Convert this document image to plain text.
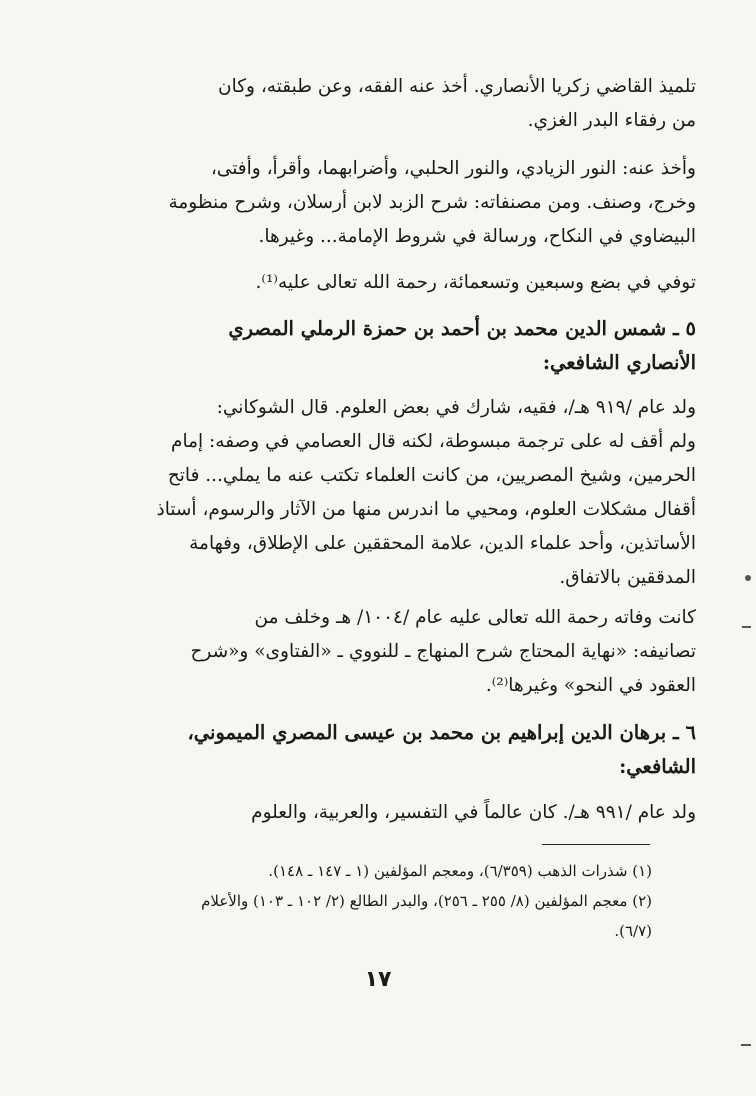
تلميذ القاضي زكريا الأنصاري. أخذ عنه الفقه، وعن طبقته، وكان

من رفقاء البدر الغزي.

وأخذ عنه: النور الزيادي، والنور الحلبي، وأضرابهما، وأقرأ، وأفتى،

وخرج، وصنف. ومن مصنفاته: شرح الزبد لابن أرسلان، وشرح منظومة

البيضاوي في النكاح، ورسالة في شروط الإمامة... وغيرها.

توفي في بضع وسبعين وتسعمائة، رحمة الله تعالى عليه⁽¹⁾.

٥ ـ شمس الدين محمد بن أحمد بن حمزة الرملي المصري

الأنصاري الشافعي:

ولد عام /٩١٩ هـ/، فقيه، شارك في بعض العلوم. قال الشوكاني:

ولم أقف له على ترجمة مبسوطة، لكنه قال العصامي في وصفه: إمام

الحرمين، وشيخ المصريين، من كانت العلماء تكتب عنه ما يملي... فاتح

أقفال مشكلات العلوم، ومحيي ما اندرس منها من الآثار والرسوم، أستاذ

الأساتذين، وأحد علماء الدين، علامة المحققين على الإطلاق، وفهامة

المدققين بالاتفاق.

كانت وفاته رحمة الله تعالى عليه عام /١٠٠٤/ هـ وخلف من

تصانيفه: «نهاية المحتاج شرح المنهاج ـ للنووي ـ «الفتاوى» و«شرح

العقود في النحو» وغيرها⁽²⁾.

٦ ـ برهان الدين إبراهيم بن محمد بن عيسى المصري الميموني،

الشافعي:

ولد عام /٩٩١ هـ/. كان عالماً في التفسير، والعربية، والعلوم

(١) شذرات الذهب (٦/٣٥٩)، ومعجم المؤلفين (١ ـ ١٤٧ ـ ١٤٨).

(٢) معجم المؤلفين (٨/ ٢٥٥ ـ ٢٥٦)، والبدر الطالع (٢/ ١٠٢ ـ ١٠٣) والأعلام

(٦/٧).

١٧
